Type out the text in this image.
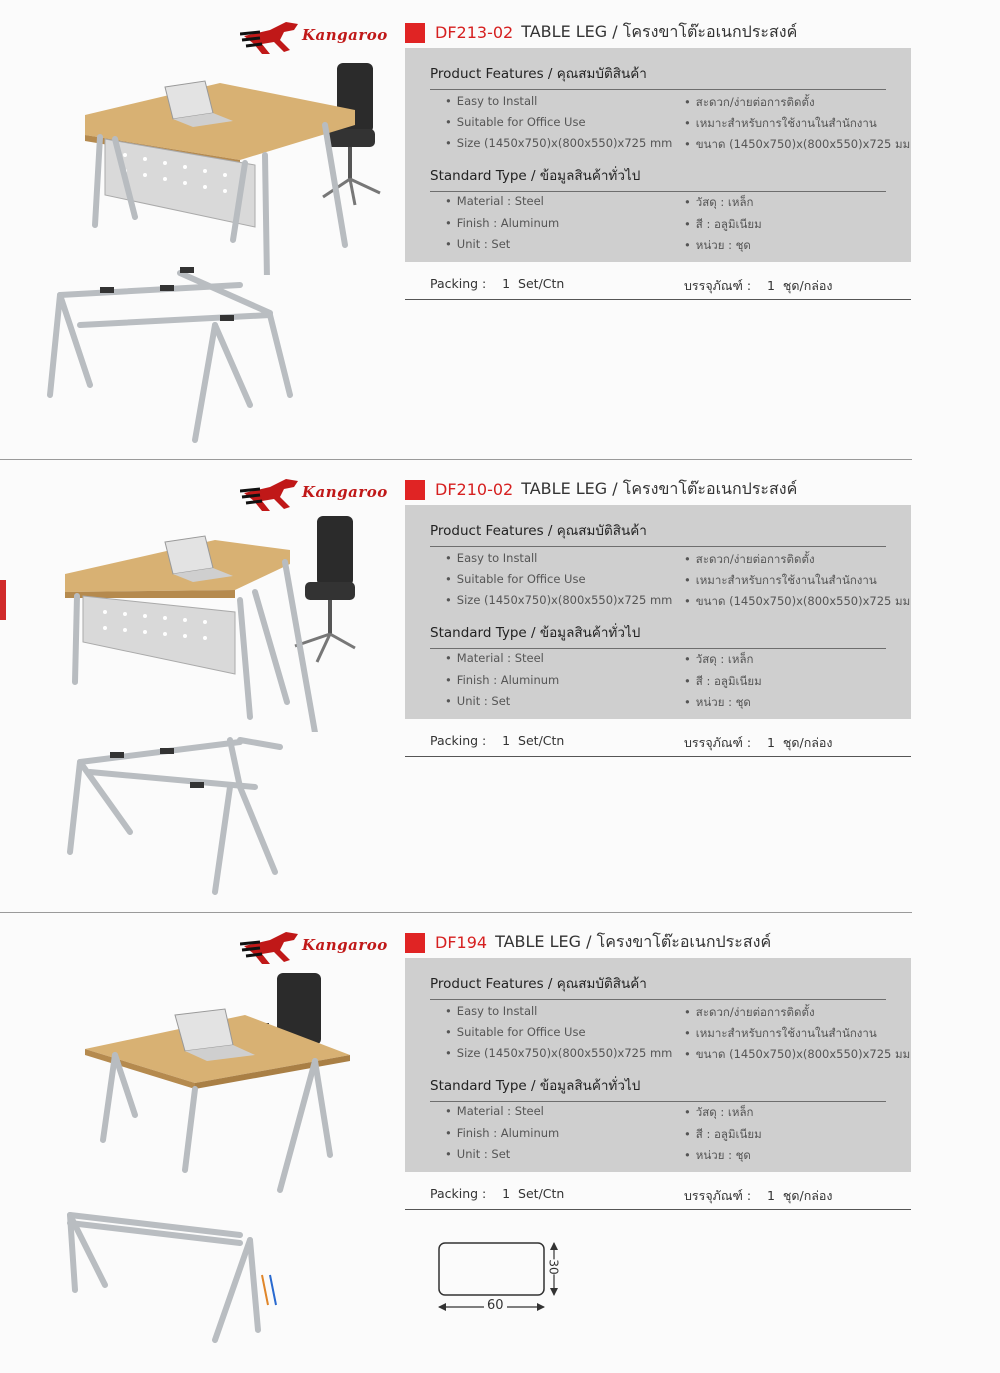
Kangaroo	DF213-02 TABLE LEG / โครงขาโต๊ะอเนกประสงค์
Product Features / คุณสมบัติสินค้า
• Easy to Install	• สะดวก/ง่ายต่อการติดตั้ง
• Suitable for Office Use	• เหมาะสำหรับการใช้งานในสำนักงาน
• Size (1450x750)x(800x550)x725 mm • ขนาด (1450x750)x(800x550)x725 มม
Standard Type / ข้อมูลสินค้าทั่วไป
• Material : Steel	• วัสดุ : เหล็ก
• Finish : Aluminum	• สี : อลูมิเนียม
• Unit : Set	• หน่วย : ชุด
Packing :    1  Set/Ctn	บรรจุภัณฑ์ :    1  ชุด/กล่อง
Kangaroo	DF210-02 TABLE LEG / โครงขาโต๊ะอเนกประสงค์
Product Features / คุณสมบัติสินค้า
• Easy to Install	• สะดวก/ง่ายต่อการติดตั้ง
• Suitable for Office Use	• เหมาะสำหรับการใช้งานในสำนักงาน
• Size (1450x750)x(800x550)x725 mm • ขนาด (1450x750)x(800x550)x725 มม
Standard Type / ข้อมูลสินค้าทั่วไป
• Material : Steel	• วัสดุ : เหล็ก
• Finish : Aluminum	• สี : อลูมิเนียม
• Unit : Set	• หน่วย : ชุด
Packing :    1  Set/Ctn	บรรจุภัณฑ์ :    1  ชุด/กล่อง
Kangaroo	DF194 TABLE LEG / โครงขาโต๊ะอเนกประสงค์
Product Features / คุณสมบัติสินค้า
• Easy to Install	• สะดวก/ง่ายต่อการติดตั้ง
• Suitable for Office Use	• เหมาะสำหรับการใช้งานในสำนักงาน
• Size (1450x750)x(800x550)x725 mm • ขนาด (1450x750)x(800x550)x725 มม
Standard Type / ข้อมูลสินค้าทั่วไป
• Material : Steel	• วัสดุ : เหล็ก
• Finish : Aluminum	• สี : อลูมิเนียม
• Unit : Set	• หน่วย : ชุด
Packing :    1  Set/Ctn	บรรจุภัณฑ์ :    1  ชุด/กล่อง
60
30
